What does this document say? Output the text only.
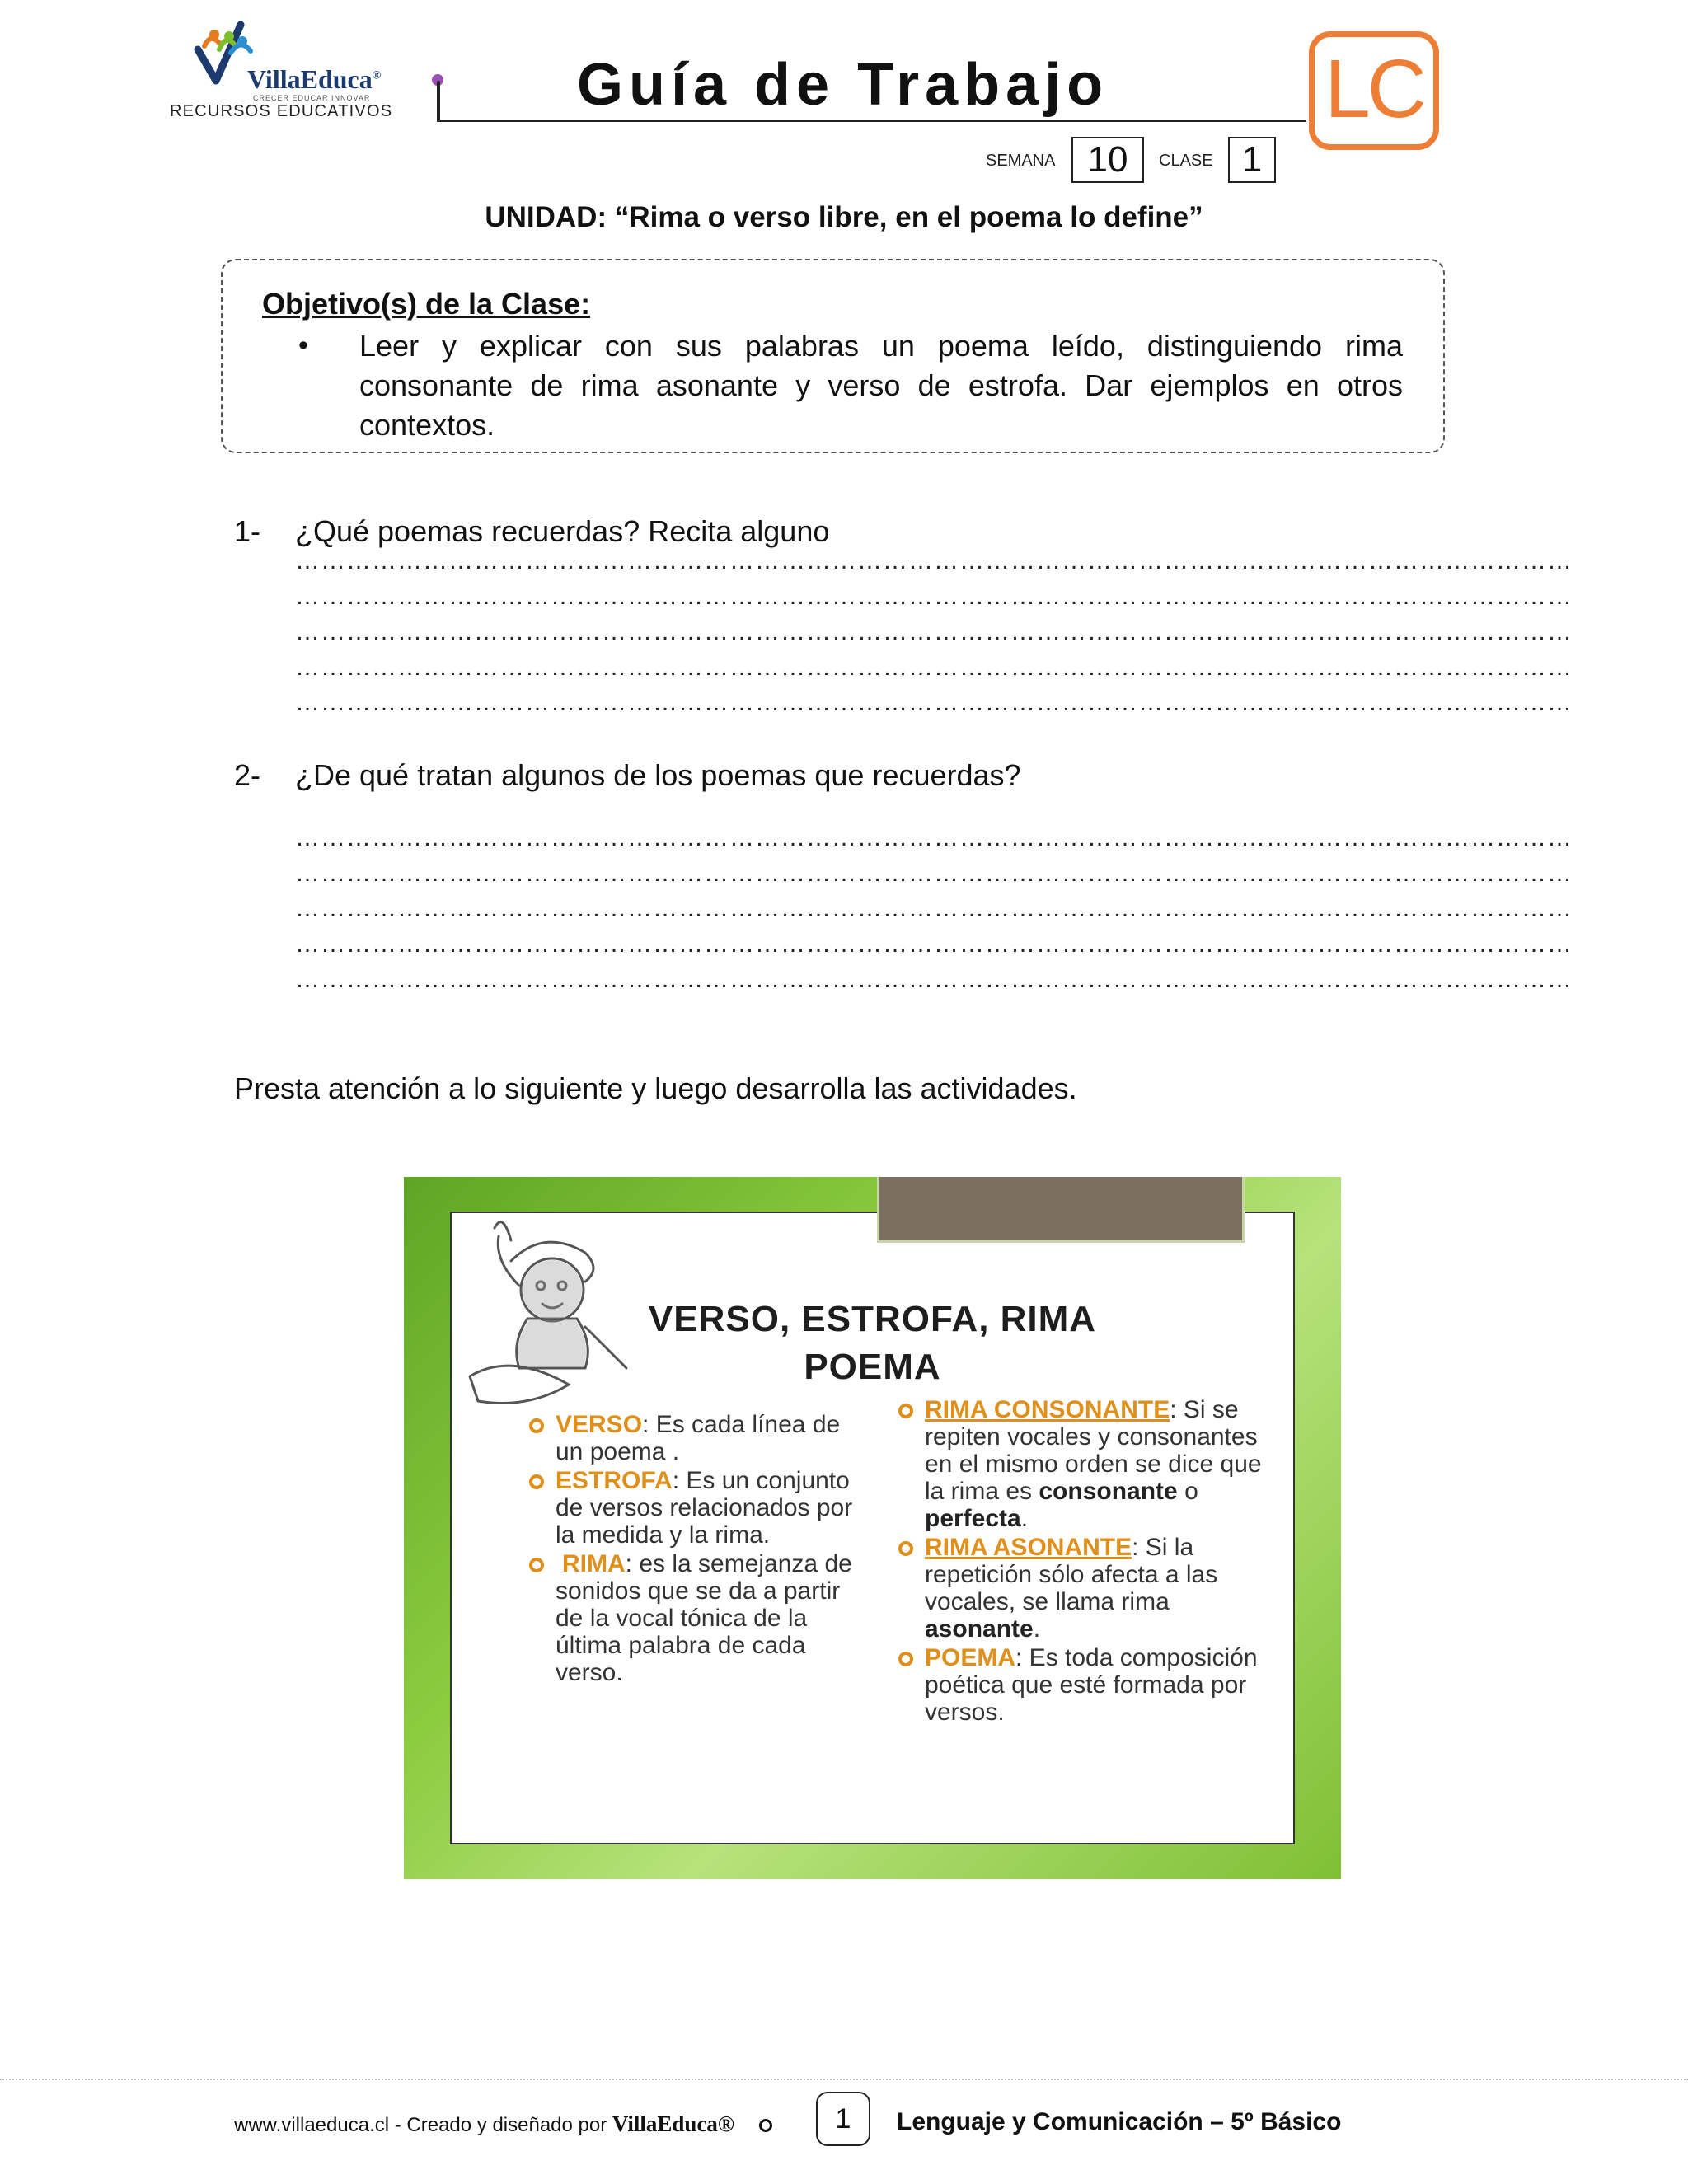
VillaEduca®
CRECER EDUCAR INNOVAR
RECURSOS EDUCATIVOS	Guía de Trabajo	LC
SEMANA 10	CLASE 1
UNIDAD: “Rima o verso libre, en el poema lo define”
Objetivo(s) de la Clase:
• Leer y explicar con sus palabras un poema leído, distinguiendo rima consonante de rima asonante y verso de estrofa. Dar ejemplos en otros contextos.
1- ¿Qué poemas recuerdas? Recita alguno
……………………………………………………………………………………………………………………………………
……………………………………………………………………………………………………………………………………
……………………………………………………………………………………………………………………………………
……………………………………………………………………………………………………………………………………
……………………………………………………………………………………………………………………………………
2- ¿De qué tratan algunos de los poemas que recuerdas?
……………………………………………………………………………………………………………………………………
……………………………………………………………………………………………………………………………………
……………………………………………………………………………………………………………………………………
……………………………………………………………………………………………………………………………………
……………………………………………………………………………………………………………………………………
Presta atención a lo siguiente y luego desarrolla las actividades.
VERSO, ESTROFA, RIMA
POEMA
VERSO: Es cada línea de un poema .
ESTROFA: Es un conjunto de versos relacionados por la medida y la rima.
RIMA: es la semejanza de sonidos que se da a partir de la vocal tónica de la última palabra de cada verso.
RIMA CONSONANTE: Si se repiten vocales y consonantes en el mismo orden se dice que la rima es consonante o perfecta.
RIMA ASONANTE: Si la repetición sólo afecta a las vocales, se llama rima asonante.
POEMA: Es toda composición poética que esté formada por versos.
www.villaeduca.cl - Creado y diseñado por VillaEduca®	1	Lenguaje y Comunicación – 5º Básico
